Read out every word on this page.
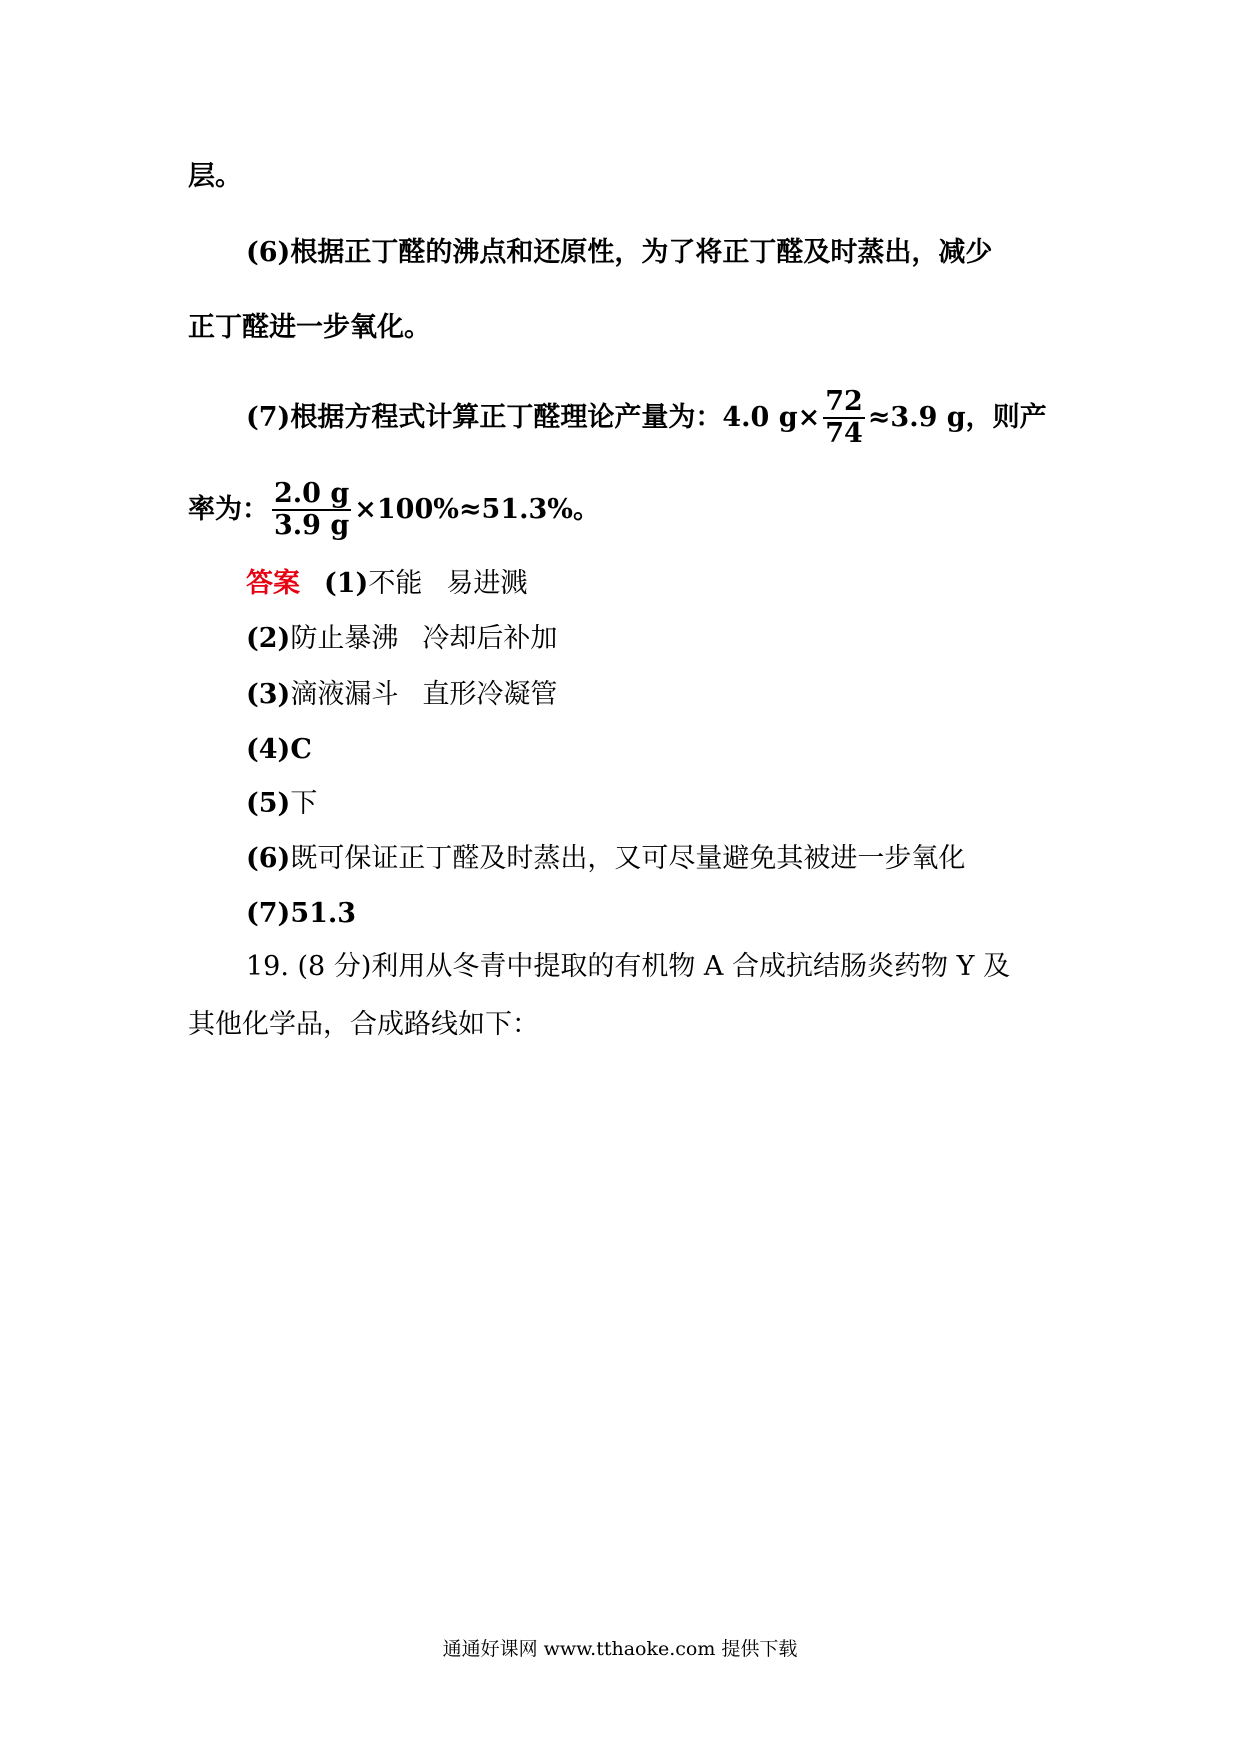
层。
(6)根据正丁醛的沸点和还原性，为了将正丁醛及时蒸出，减少
正丁醛进一步氧化。
(7)根据方程式计算正丁醛理论产量为：4.0 $g\times \frac{72}{74} \approx 3.9$ g，则产
率为： $\frac{2.0 g}{3.9 g} \times 100\%\approx 51.3\%$。
答案 (1)不能 易进溅
(2)防止暴沸 冷却后补加
(3)滴液漏斗 直形冷凝管
(4)C
(5)下
(6)既可保证正丁醛及时蒸出，又可尽量避免其被进一步氧化
(7)51.3
19. (8 分)利用从冬青中提取的有机物 A 合成抗结肠炎药物 Y 及
其他化学品，合成路线如下：
通通好课网 www.tthaoke.com 提供下载
